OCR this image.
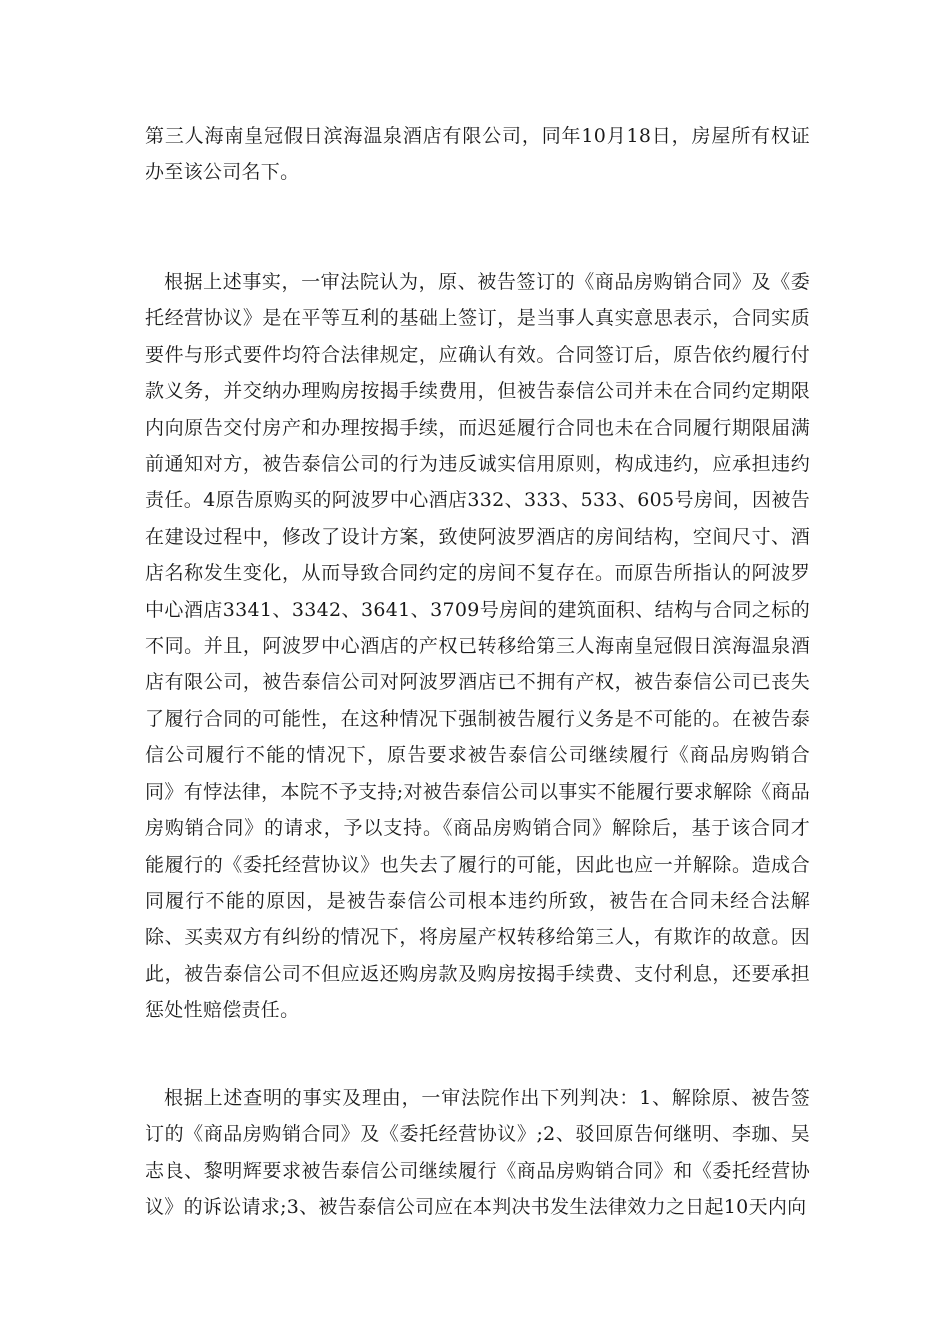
第三人海南皇冠假日滨海温泉酒店有限公司，同年10月18日，房屋所有权证办至该公司名下。

根据上述事实，一审法院认为，原、被告签订的《商品房购销合同》及《委托经营协议》是在平等互利的基础上签订，是当事人真实意思表示，合同实质要件与形式要件均符合法律规定，应确认有效。合同签订后，原告依约履行付款义务，并交纳办理购房按揭手续费用，但被告泰信公司并未在合同约定期限内向原告交付房产和办理按揭手续，而迟延履行合同也未在合同履行期限届满前通知对方，被告泰信公司的行为违反诚实信用原则，构成违约，应承担违约责任。4原告原购买的阿波罗中心酒店332、333、533、605号房间，因被告在建设过程中，修改了设计方案，致使阿波罗酒店的房间结构，空间尺寸、酒店名称发生变化，从而导致合同约定的房间不复存在。而原告所指认的阿波罗中心酒店3341、3342、3641、3709号房间的建筑面积、结构与合同之标的不同。并且，阿波罗中心酒店的产权已转移给第三人海南皇冠假日滨海温泉酒店有限公司，被告泰信公司对阿波罗酒店已不拥有产权，被告泰信公司已丧失了履行合同的可能性，在这种情况下强制被告履行义务是不可能的。在被告泰信公司履行不能的情况下，原告要求被告泰信公司继续履行《商品房购销合同》有悖法律，本院不予支持;对被告泰信公司以事实不能履行要求解除《商品房购销合同》的请求，予以支持。《商品房购销合同》解除后，基于该合同才能履行的《委托经营协议》也失去了履行的可能，因此也应一并解除。造成合同履行不能的原因，是被告泰信公司根本违约所致，被告在合同未经合法解除、买卖双方有纠纷的情况下，将房屋产权转移给第三人，有欺诈的故意。因此，被告泰信公司不但应返还购房款及购房按揭手续费、支付利息，还要承担惩处性赔偿责任。

根据上述查明的事实及理由，一审法院作出下列判决：1、解除原、被告签订的《商品房购销合同》及《委托经营协议》;2、驳回原告何继明、李珈、吴志良、黎明辉要求被告泰信公司继续履行《商品房购销合同》和《委托经营协议》的诉讼请求;3、被告泰信公司应在本判决书发生法律效力之日起10天内向
